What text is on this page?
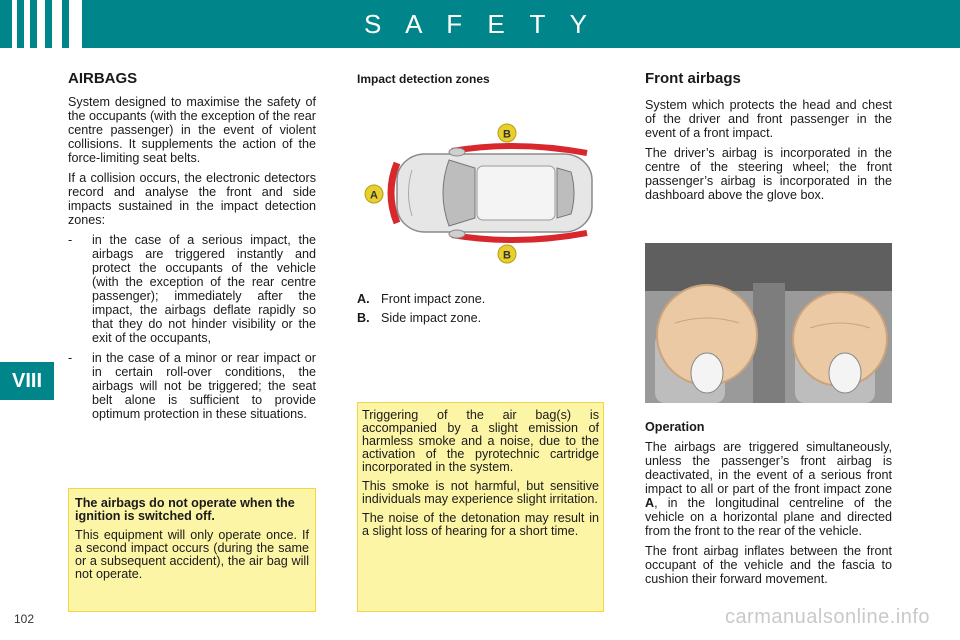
S A F E T Y
VIII
AIRBAGS

System designed to maximise the safety of the occupants (with the exception of the rear centre passenger) in the event of violent collisions. It supplements the action of the force-limiting seat belts.

If a collision occurs, the electronic detectors record and analyse the front and side impacts sustained in the impact detection zones:

-	in the case of a serious impact, the airbags are triggered instantly and protect the occupants of the vehicle (with the exception of the rear centre passenger); immediately after the impact, the airbags deflate rapidly so that they do not hinder visibility or the exit of the occupants,
-	in the case of a minor or rear impact or in certain roll-over conditions, the airbags will not be triggered; the seat belt alone is sufficient to provide optimum protection in these situations.
The airbags do not operate when the ignition is switched off.

This equipment will only operate once. If a second impact occurs (during the same or a subsequent accident), the air bag will not operate.

Impact detection zones
B
A
B
A. Front impact zone.
B. Side impact zone.

Triggering of the air bag(s) is accompanied by a slight emission of harmless smoke and a noise, due to the activation of the pyrotechnic cartridge incorporated in the system.

This smoke is not harmful, but sensitive individuals may experience slight irritation.

The noise of the detonation may result in a slight loss of hearing for a short time.

Front airbags

System which protects the head and chest of the driver and front passenger in the event of a front impact.

The driver’s airbag is incorporated in the centre of the steering wheel; the front passenger’s airbag is incorporated in the dashboard above the glove box.

Operation

The airbags are triggered simultaneously, unless the passenger’s front airbag is deactivated, in the event of a serious front impact to all or part of the front impact zone A, in the longitudinal centreline of the vehicle on a horizontal plane and directed from the front to the rear of the vehicle.

The front airbag inflates between the front occupant of the vehicle and the fascia to cushion their forward movement.

102	carmanualsonline.info
